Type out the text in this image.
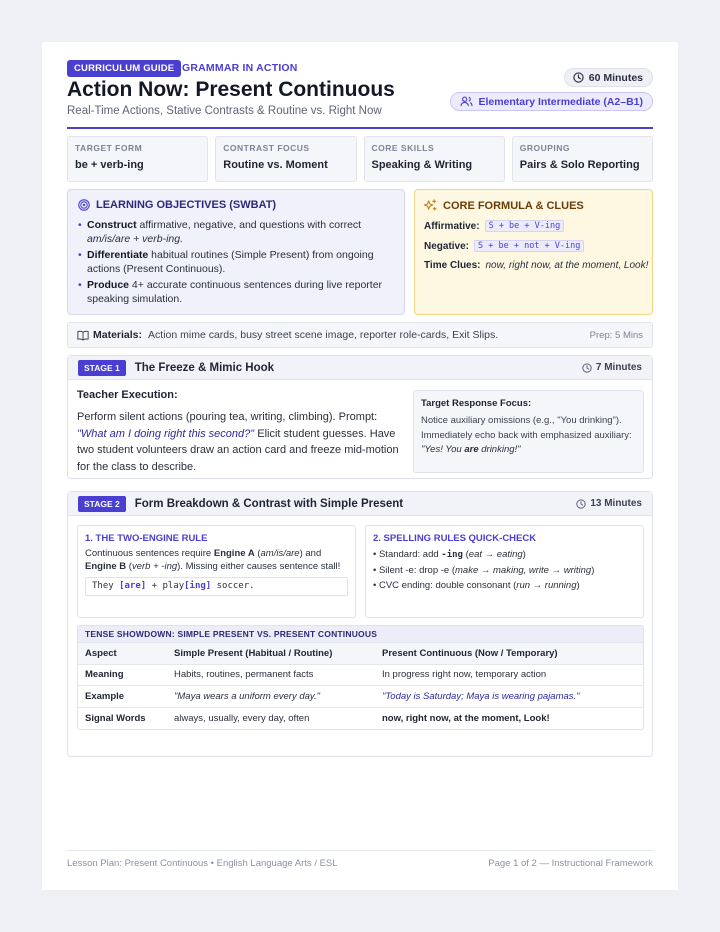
CURRICULUM GUIDE GRAMMAR IN ACTION
Action Now: Present Continuous
Real-Time Actions, Stative Contrasts & Routine vs. Right Now
60 Minutes
Elementary Intermediate (A2–B1)
TARGET FORM
be + verb-ing
CONTRAST FOCUS
Routine vs. Moment
CORE SKILLS
Speaking & Writing
GROUPING
Pairs & Solo Reporting
LEARNING OBJECTIVES (SWBAT)
• Construct affirmative, negative, and questions with correct am/is/are + verb-ing.
• Differentiate habitual routines (Simple Present) from ongoing actions (Present Continuous).
• Produce 4+ accurate continuous sentences during live reporter speaking simulation.
CORE FORMULA & CLUES
Affirmative:	S + be + V-ing
Negative:	S + be + not + V-ing
Time Clues: now, right now, at the moment, Look!
Materials: Action mime cards, busy street scene image, reporter role-cards, Exit Slips.	Prep: 5 Mins
STAGE 1	The Freeze & Mimic Hook	7 Minutes
Teacher Execution:

Perform silent actions (pouring tea, writing, climbing). Prompt: "What am I doing right this second?" Elicit student guesses. Have two student volunteers draw an action card and freeze mid-motion for the class to describe.

Target Response Focus:

Notice auxiliary omissions (e.g., "You drinking"). Immediately echo back with emphasized auxiliary: "Yes! You are drinking!"

STAGE 2	Form Breakdown & Contrast with Simple Present	13 Minutes
1. THE TWO-ENGINE RULE

Continuous sentences require Engine A (am/is/are) and Engine B (verb + -ing). Missing either causes sentence stall!

They [are] + play[ing] soccer.
2. SPELLING RULES QUICK-CHECK
• Standard: add -ing (eat → eating)
• Silent -e: drop -e (make → making, write → writing)
• CVC ending: double consonant (run → running)
TENSE SHOWDOWN: SIMPLE PRESENT VS. PRESENT CONTINUOUS
Aspect	Simple Present (Habitual / Routine)	Present Continuous (Now / Temporary)
Meaning	Habits, routines, permanent facts	In progress right now, temporary action
Example	"Maya wears a uniform every day."	"Today is Saturday; Maya is wearing pajamas."
Signal Words	always, usually, every day, often	now, right now, at the moment, Look!
Lesson Plan: Present Continuous • English Language Arts / ESL	Page 1 of 2 — Instructional Framework
